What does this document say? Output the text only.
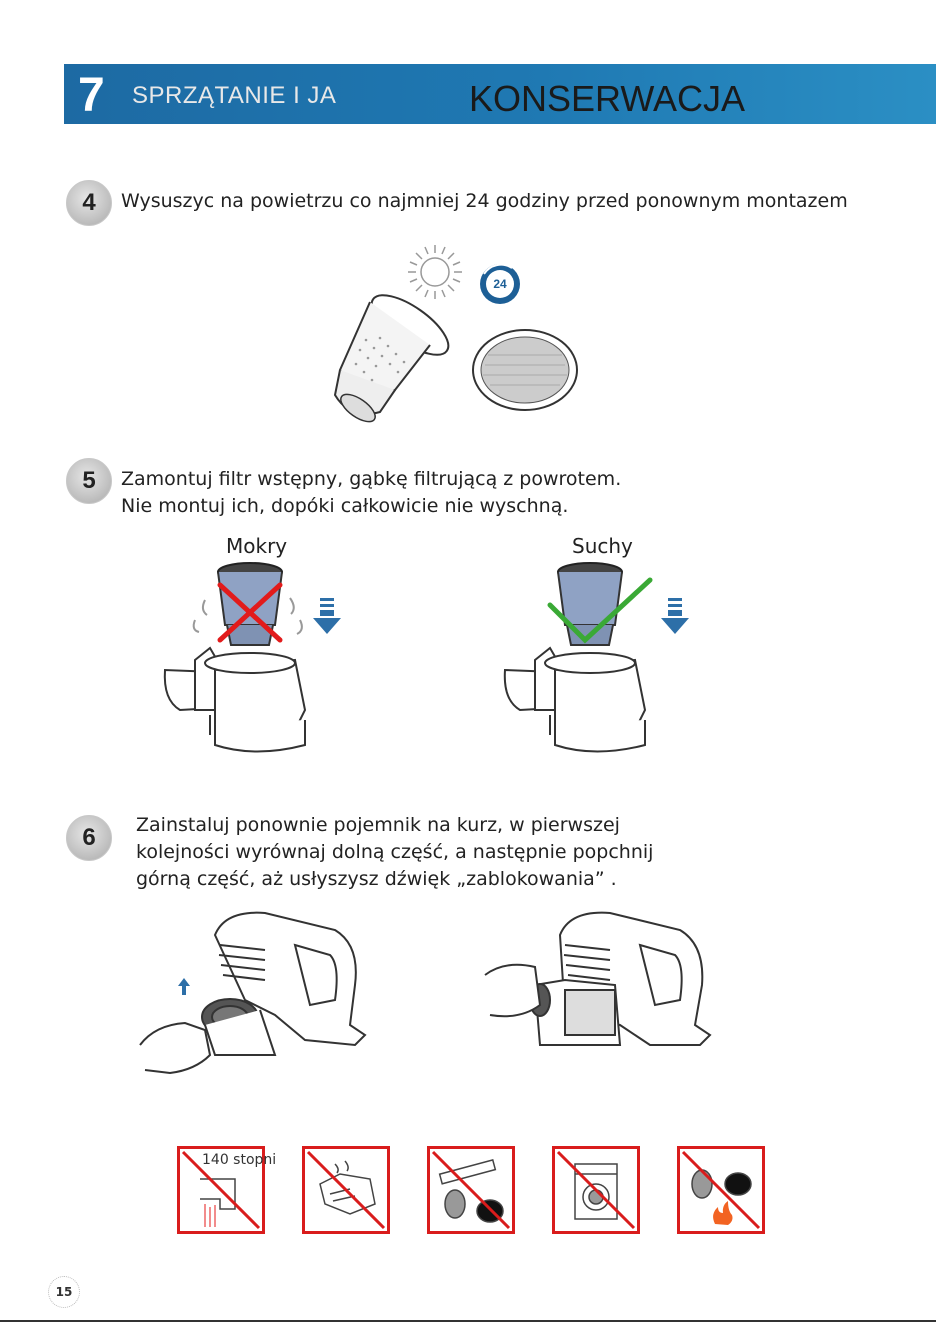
7 SPRZĄTANIE I JA	KONSERWACJA
4	Wysuszyc na powietrzu co najmniej 24 godziny przed ponownym montazem
24
5	Zamontuj filtr wstępny, gąbkę filtrującą z powrotem.
Nie montuj ich, dopóki całkowicie nie wyschną.
Mokry	Suchy
6	Zainstaluj ponownie pojemnik na kurz, w pierwszej
kolejności wyrównaj dolną część, a następnie popchnij
górną część, aż usłyszysz dźwięk „zablokowania” .
140 stopni
15
